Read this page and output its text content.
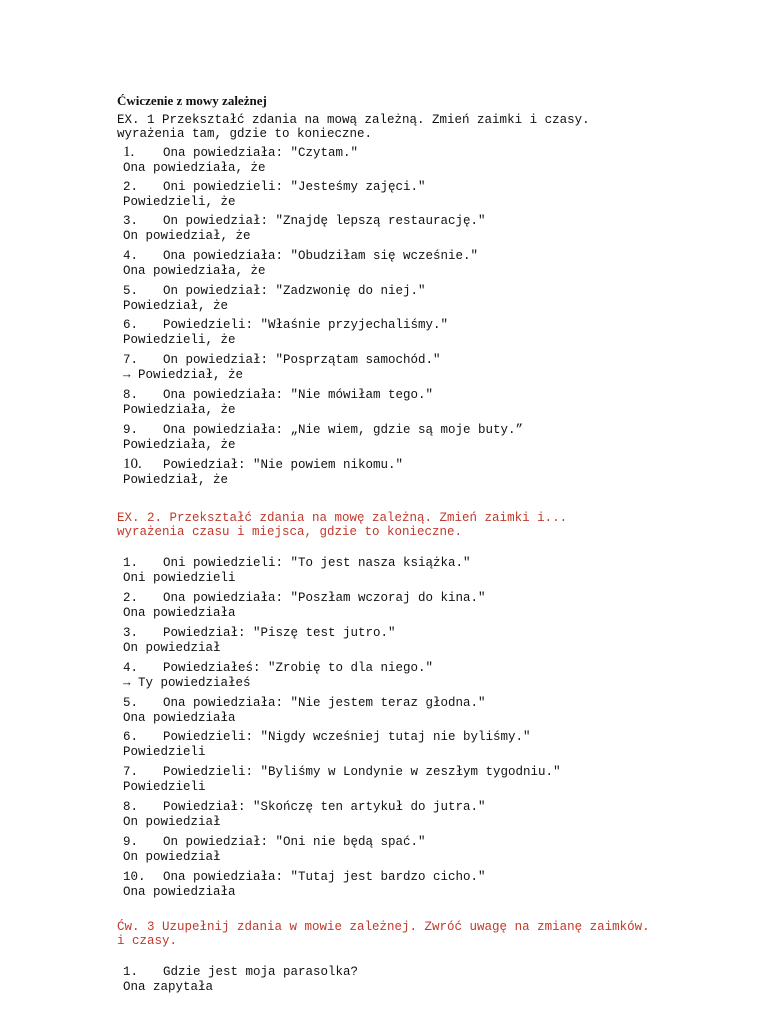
Ćwiczenie z mowy zależnej
EX. 1 Przekształć zdania na mową zależną. Zmień zaimki i czasy.
wyrażenia tam, gdzie to konieczne.
1. Ona powiedziała: "Czytam."
Ona powiedziała, że
2. Oni powiedzieli: "Jesteśmy zajęci."
Powiedzieli, że
3. On powiedział: "Znajdę lepszą restaurację."
On powiedział, że
4. Ona powiedziała: "Obudziłam się wcześnie."
Ona powiedziała, że
5. On powiedział: "Zadzwonię do niej."
Powiedział, że
6. Powiedzieli: "Właśnie przyjechaliśmy."
Powiedzieli, że
7. On powiedział: "Posprzątam samochód."
→ Powiedział, że
8. Ona powiedziała: "Nie mówiłam tego."
Powiedziała, że
9. Ona powiedziała: „Nie wiem, gdzie są moje buty.”
Powiedziała, że
10. Powiedział: "Nie powiem nikomu."
Powiedział, że
EX. 2. Przekształć zdania na mowę zależną. Zmień zaimki i...
wyrażenia czasu i miejsca, gdzie to konieczne.
1. Oni powiedzieli: "To jest nasza książka."
Oni powiedzieli
2. Ona powiedziała: "Poszłam wczoraj do kina."
Ona powiedziała
3. Powiedział: "Piszę test jutro."
On powiedział
4. Powiedziałeś: "Zrobię to dla niego."
→ Ty powiedziałeś
5. Ona powiedziała: "Nie jestem teraz głodna."
Ona powiedziała
6. Powiedzieli: "Nigdy wcześniej tutaj nie byliśmy."
Powiedzieli
7. Powiedzieli: "Byliśmy w Londynie w zeszłym tygodniu."
Powiedzieli
8. Powiedział: "Skończę ten artykuł do jutra."
On powiedział
9. On powiedział: "Oni nie będą spać."
On powiedział
10. Ona powiedziała: "Tutaj jest bardzo cicho."
Ona powiedziała
Ćw. 3 Uzupełnij zdania w mowie zależnej. Zwróć uwagę na zmianę zaimków.
i czasy.
1. Gdzie jest moja parasolka?
Ona zapytała
